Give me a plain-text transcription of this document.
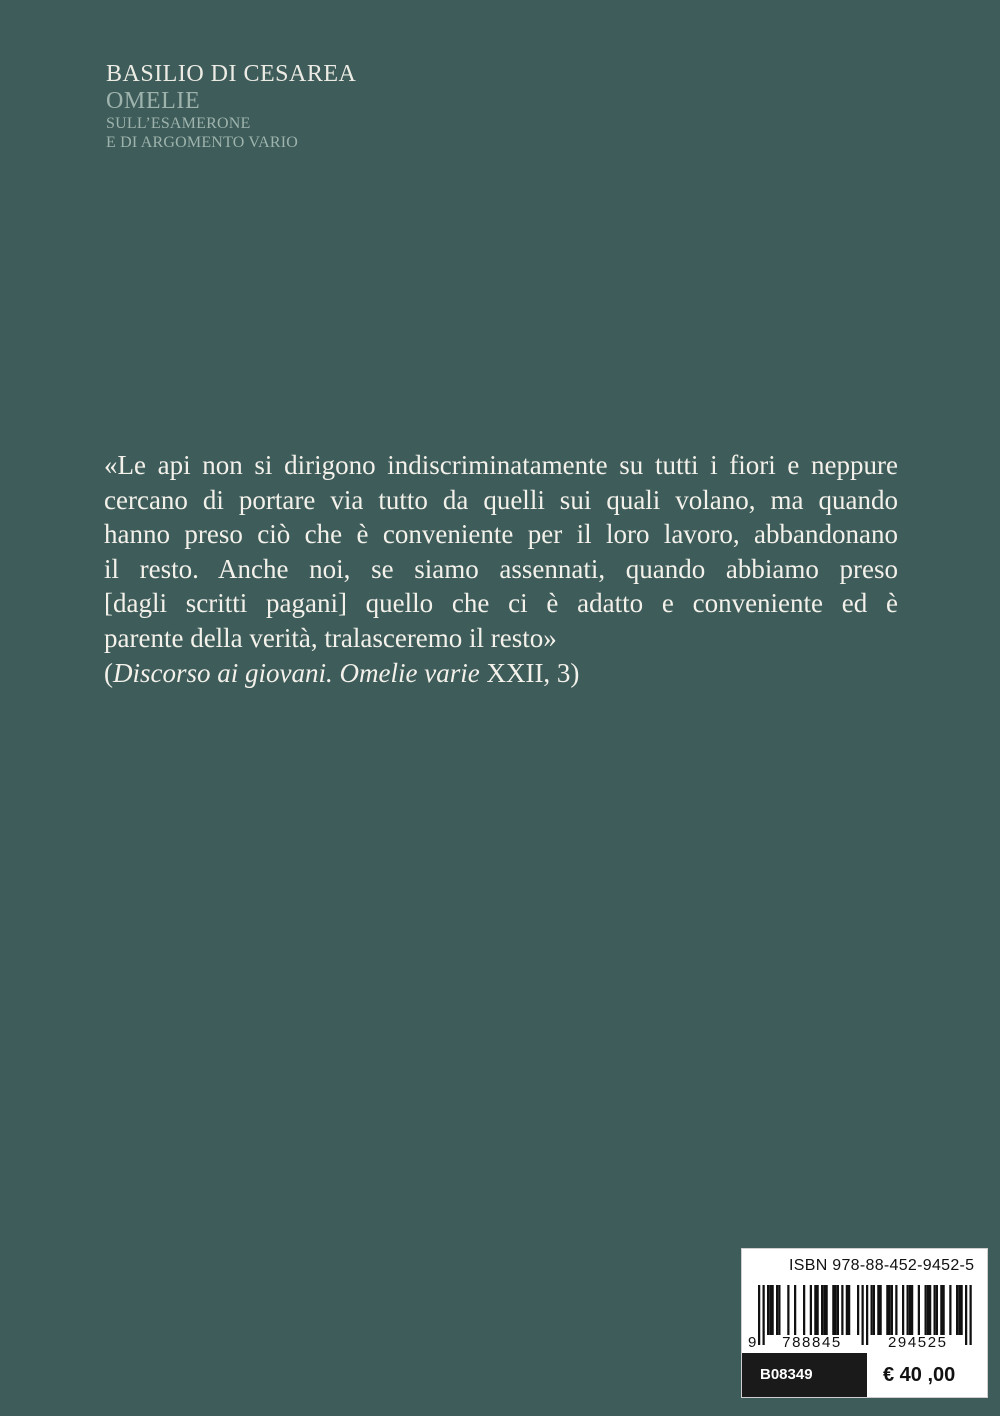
BASILIO DI CESAREA
OMELIE
SULL’ESAMERONE
E DI ARGOMENTO VARIO
«Le api non si dirigono indiscriminatamente su tutti i fiori e neppure
cercano di portare via tutto da quelli sui quali volano, ma quando
hanno preso ciò che è conveniente per il loro lavoro, abbandonano
il resto. Anche noi, se siamo assennati, quando abbiamo preso
[dagli scritti pagani] quello che ci è adatto e conveniente ed è
parente della verità, tralasceremo il resto»
(Discorso ai giovani. Omelie varie XXII, 3)
ISBN 978-88-452-9452-5
9 788845	294525
B08349	€ 40 ,00
